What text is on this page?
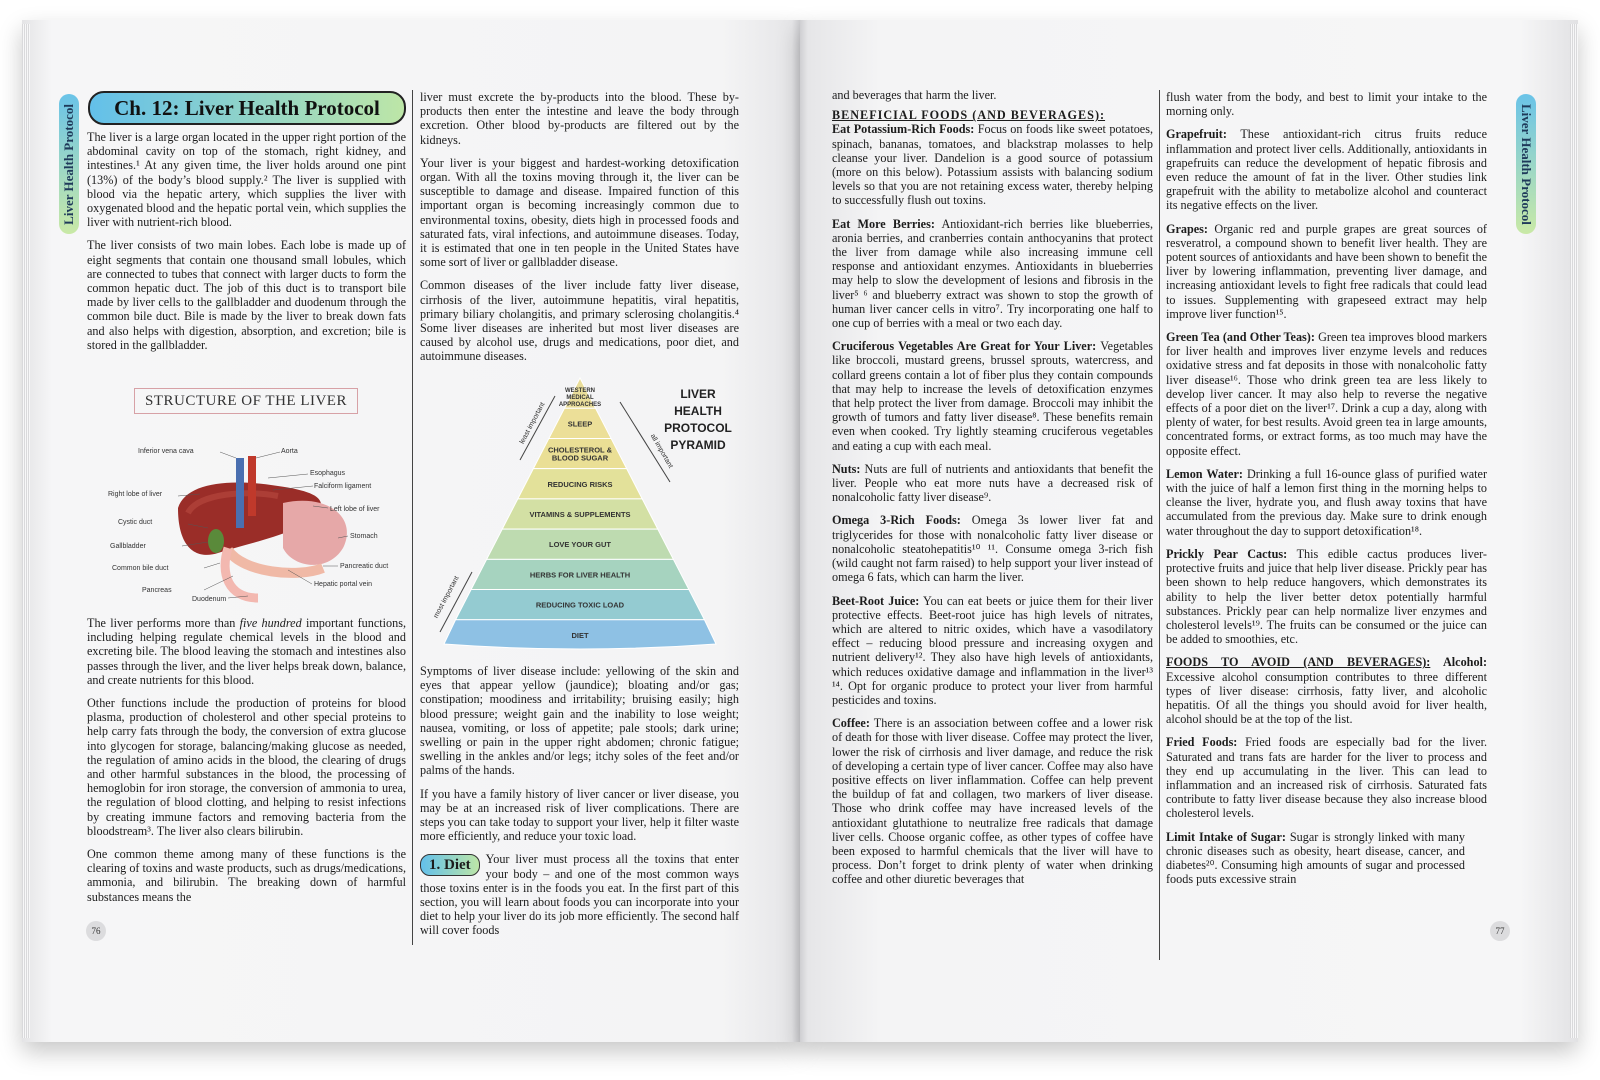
Liver Health Protocol	Ch. 12: Liver Health Protocol

The liver is a large organ located in the upper right portion of the abdominal cavity on top of the stomach, right kidney, and intestines.¹ At any given time, the liver holds around one pint (13%) of the body’s blood supply.² The liver is supplied with blood via the hepatic artery, which supplies the liver with oxygenated blood and the hepatic portal vein, which supplies the liver with nutrient-rich blood.

The liver consists of two main lobes. Each lobe is made up of eight segments that contain one thousand small lobules, which are connected to tubes that connect with larger ducts to form the common hepatic duct. The job of this duct is to transport bile made by liver cells to the gallbladder and duodenum through the common bile duct. Bile is made by the liver to break down fats and also helps with digestion, absorption, and excretion; bile is stored in the gallbladder.

STRUCTURE OF THE LIVER
Inferior vena cava	Aorta
Esophagus
Falciform ligament
Right lobe of liver
Left lobe of liver
Cystic duct
Stomach
Gallbladder
Pancreatic duct
Common bile duct
Hepatic portal vein
Pancreas
Duodenum

The liver performs more than five hundred important functions, including helping regulate chemical levels in the blood and excreting bile. The blood leaving the stomach and intestines also passes through the liver, and the liver helps break down, balance, and create nutrients for this blood.

Other functions include the production of proteins for blood plasma, production of cholesterol and other special proteins to help carry fats through the body, the conversion of extra glucose into glycogen for storage, balancing/making glucose as needed, the regulation of amino acids in the blood, the clearing of drugs and other harmful substances in the blood, the processing of hemoglobin for iron storage, the conversion of ammonia to urea, the regulation of blood clotting, and helping to resist infections by creating immune factors and removing bacteria from the bloodstream³. The liver also clears bilirubin.

One common theme among many of these functions is the clearing of toxins and waste products, such as drugs/medications, ammonia, and bilirubin. The breaking down of harmful substances means the

76

liver must excrete the by-products into the blood. These by-products then enter the intestine and leave the body through excretion. Other blood by-products are filtered out by the kidneys.

Your liver is your biggest and hardest-working detoxification organ. With all the toxins moving through it, the liver can be susceptible to damage and disease. Impaired function of this important organ is becoming increasingly common due to environmental toxins, obesity, diets high in processed foods and saturated fats, viral infections, and autoimmune diseases. Today, it is estimated that one in ten people in the United States have some sort of liver or gallbladder disease.

Common diseases of the liver include fatty liver disease, cirrhosis of the liver, autoimmune hepatitis, viral hepatitis, primary biliary cholangitis, and primary sclerosing cholangitis.⁴ Some liver diseases are inherited but most liver diseases are caused by alcohol use, drugs and medications, poor diet, and autoimmune diseases.

WESTERN MEDICAL APPROACHES
SLEEP
CHOLESTEROL & BLOOD SUGAR
REDUCING RISKS
VITAMINS & SUPPLEMENTS
LOVE YOUR GUT
HERBS FOR LIVER HEALTH
REDUCING TOXIC LOAD
DIET
least important
all important
most important
LIVER
HEALTH
PROTOCOL
PYRAMID

Symptoms of liver disease include: yellowing of the skin and eyes that appear yellow (jaundice); bloating and/or gas; constipation; moodiness and irritability; bruising easily; high blood pressure; weight gain and the inability to lose weight; nausea, vomiting, or loss of appetite; pale stools; dark urine; swelling or pain in the upper right abdomen; chronic fatigue; swelling in the ankles and/or legs; itchy soles of the feet and/or palms of the hands.

If you have a family history of liver cancer or liver disease, you may be at an increased risk of liver complications. There are steps you can take today to support your liver, help it filter waste more efficiently, and reduce your toxic load.

1. Diet	Your liver must process all the toxins that enter your body – and one of the most common ways those toxins enter is in the foods you eat. In the first part of this section, you will learn about foods you can incorporate into your diet to help your liver do its job more efficiently. The second half will cover foods

and beverages that harm the liver.

BENEFICIAL FOODS (AND BEVERAGES):

Eat Potassium-Rich Foods: Focus on foods like sweet potatoes, spinach, bananas, tomatoes, and blackstrap molasses to help cleanse your liver. Dandelion is a good source of potassium (more on this below). Potassium assists with balancing sodium levels so that you are not retaining excess water, thereby helping to successfully flush out toxins.

Eat More Berries: Antioxidant-rich berries like blueberries, aronia berries, and cranberries contain anthocyanins that protect the liver from damage while also increasing immune cell response and antioxidant enzymes. Antioxidants in blueberries may help to slow the development of lesions and fibrosis in the liver⁵ ⁶ and blueberry extract was shown to stop the growth of human liver cancer cells in vitro⁷. Try incorporating one half to one cup of berries with a meal or two each day.

Cruciferous Vegetables Are Great for Your Liver: Vegetables like broccoli, mustard greens, brussel sprouts, watercress, and collard greens contain a lot of fiber plus they contain compounds that may help to increase the levels of detoxification enzymes that help protect the liver from damage. Broccoli may inhibit the growth of tumors and fatty liver disease⁸. These benefits remain even when cooked. Try lightly steaming cruciferous vegetables and eating a cup with each meal.

Nuts: Nuts are full of nutrients and antioxidants that benefit the liver. People who eat more nuts have a decreased risk of nonalcoholic fatty liver disease⁹.

Omega 3-Rich Foods: Omega 3s lower liver fat and triglycerides for those with nonalcoholic fatty liver disease or nonalcoholic steatohepatitis¹⁰ ¹¹. Consume omega 3-rich fish (wild caught not farm raised) to help support your liver instead of omega 6 fats, which can harm the liver.

Beet-Root Juice: You can eat beets or juice them for their liver protective effects. Beet-root juice has high levels of nitrates, which are altered to nitric oxides, which have a vasodilatory effect – reducing blood pressure and increasing oxygen and nutrient delivery¹². They also have high levels of antioxidants, which reduces oxidative damage and inflammation in the liver¹³ ¹⁴. Opt for organic produce to protect your liver from harmful pesticides and toxins.

Coffee: There is an association between coffee and a lower risk of death for those with liver disease. Coffee may protect the liver, lower the risk of cirrhosis and liver damage, and reduce the risk of developing a certain type of liver cancer. Coffee may also have positive effects on liver inflammation. Coffee can help prevent the buildup of fat and collagen, two markers of liver disease. Those who drink coffee may have increased levels of the antioxidant glutathione to neutralize free radicals that damage liver cells. Choose organic coffee, as other types of coffee have been exposed to harmful chemicals that the liver will have to process. Don’t forget to drink plenty of water when drinking coffee and other diuretic beverages that

flush water from the body, and best to limit your intake to the morning only.

Grapefruit: These antioxidant-rich citrus fruits reduce inflammation and protect liver cells. Additionally, antioxidants in grapefruits can reduce the development of hepatic fibrosis and even reduce the amount of fat in the liver. Other studies link grapefruit with the ability to metabolize alcohol and counteract its negative effects on the liver.

Grapes: Organic red and purple grapes are great sources of resveratrol, a compound shown to benefit liver health. They are potent sources of antioxidants and have been shown to benefit the liver by lowering inflammation, preventing liver damage, and increasing antioxidant levels to fight free radicals that could lead to issues. Supplementing with grapeseed extract may help improve liver function¹⁵.

Green Tea (and Other Teas): Green tea improves blood markers for liver health and improves liver enzyme levels and reduces oxidative stress and fat deposits in those with nonalcoholic fatty liver disease¹⁶. Those who drink green tea are less likely to develop liver cancer. It may also help to reverse the negative effects of a poor diet on the liver¹⁷. Drink a cup a day, along with plenty of water, for best results. Avoid green tea in large amounts, concentrated forms, or extract forms, as too much may have the opposite effect.

Lemon Water: Drinking a full 16-ounce glass of purified water with the juice of half a lemon first thing in the morning helps to cleanse the liver, hydrate you, and flush away toxins that have accumulated from the previous day. Make sure to drink enough water throughout the day to support detoxification¹⁸.

Prickly Pear Cactus: This edible cactus produces liver-protective fruits and juice that help liver disease. Prickly pear has been shown to help reduce hangovers, which demonstrates its ability to help the liver better detox potentially harmful substances. Prickly pear can help normalize liver enzymes and cholesterol levels¹⁹. The fruits can be consumed or the juice can be added to smoothies, etc.

FOODS TO AVOID (AND BEVERAGES): Alcohol: Excessive alcohol consumption contributes to three different types of liver disease: cirrhosis, fatty liver, and alcoholic hepatitis. Of all the things you should avoid for liver health, alcohol should be at the top of the list.

Fried Foods: Fried foods are especially bad for the liver. Saturated and trans fats are harder for the liver to process and they end up accumulating in the liver. This can lead to inflammation and an increased risk of cirrhosis. Saturated fats contribute to fatty liver disease because they also increase blood cholesterol levels.

Limit Intake of Sugar: Sugar is strongly linked with many chronic diseases such as obesity, heart disease, cancer, and diabetes²⁰. Consuming high amounts of sugar and processed foods puts excessive strain

77
Liver Health Protocol
